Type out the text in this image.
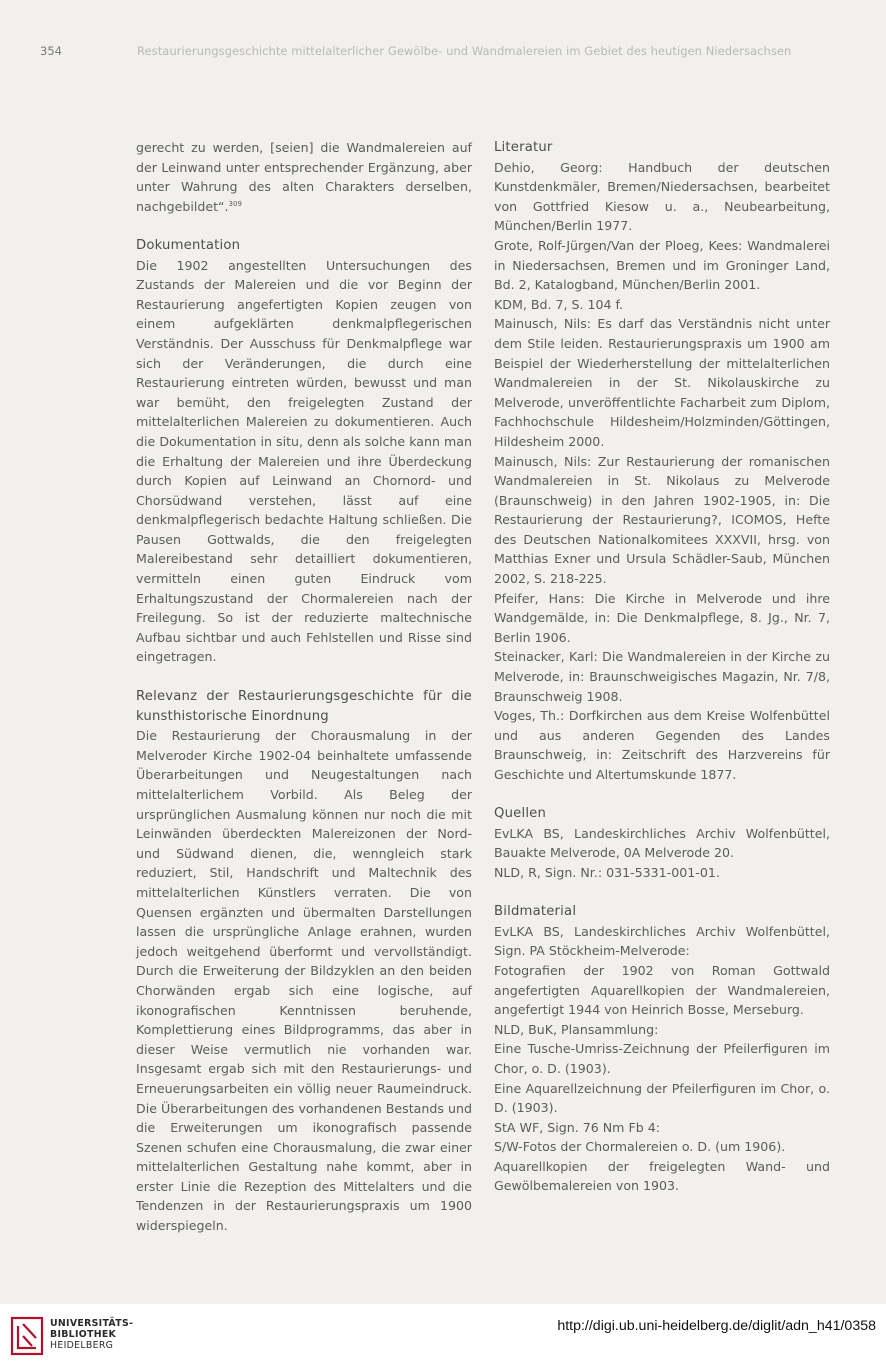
354	Restaurierungsgeschichte mittelalterlicher Gewölbe- und Wandmalereien im Gebiet des heutigen Niedersachsen

gerecht zu werden, [seien] die Wandmalereien auf der Leinwand unter entsprechender Ergänzung, aber unter Wahrung des alten Charakters derselben, nachgebildet“.$^{309}$

Dokumentation

Die 1902 angestellten Untersuchungen des Zustands der Malereien und die vor Beginn der Restaurierung angefertigten Kopien zeugen von einem aufgeklärten denkmalpflegerischen Verständnis. Der Ausschuss für Denkmalpflege war sich der Veränderungen, die durch eine Restaurierung eintreten würden, bewusst und man war bemüht, den freigelegten Zustand der mittelalterlichen Malereien zu dokumentieren. Auch die Dokumentation in situ, denn als solche kann man die Erhaltung der Malereien und ihre Überdeckung durch Kopien auf Leinwand an Chornord- und Chorsüdwand verstehen, lässt auf eine denkmalpflegerisch bedachte Haltung schließen. Die Pausen Gottwalds, die den freigelegten Malereibestand sehr detailliert dokumentieren, vermitteln einen guten Eindruck vom Erhaltungszustand der Chormalereien nach der Freilegung. So ist der reduzierte maltechnische Aufbau sichtbar und auch Fehlstellen und Risse sind eingetragen.

Relevanz der Restaurierungsgeschichte für die kunsthistorische Einordnung

Die Restaurierung der Chorausmalung in der Melveroder Kirche 1902-04 beinhaltete umfassende Überarbeitungen und Neugestaltungen nach mittelalterlichem Vorbild. Als Beleg der ursprünglichen Ausmalung können nur noch die mit Leinwänden überdeckten Malereizonen der Nord- und Südwand dienen, die, wenngleich stark reduziert, Stil, Handschrift und Maltechnik des mittelalterlichen Künstlers verraten. Die von Quensen ergänzten und übermalten Darstellungen lassen die ursprüngliche Anlage erahnen, wurden jedoch weitgehend überformt und vervollständigt. Durch die Erweiterung der Bildzyklen an den beiden Chorwänden ergab sich eine logische, auf ikonografischen Kenntnissen beruhende, Komplettierung eines Bildprogramms, das aber in dieser Weise vermutlich nie vorhanden war. Insgesamt ergab sich mit den Restaurierungs- und Erneuerungsarbeiten ein völlig neuer Raumeindruck. Die Überarbeitungen des vorhandenen Bestands und die Erweiterungen um ikonografisch passende Szenen schufen eine Chorausmalung, die zwar einer mittelalterlichen Gestaltung nahe kommt, aber in erster Linie die Rezeption des Mittelalters und die Tendenzen in der Restaurierungspraxis um 1900 widerspiegeln.

Literatur

Dehio, Georg: Handbuch der deutschen Kunstdenkmäler, Bremen/Niedersachsen, bearbeitet von Gottfried Kiesow u. a., Neubearbeitung, München/Berlin 1977.

Grote, Rolf-Jürgen/Van der Ploeg, Kees: Wandmalerei in Niedersachsen, Bremen und im Groninger Land, Bd. 2, Katalogband, München/Berlin 2001.

KDM, Bd. 7, S. 104 f.

Mainusch, Nils: Es darf das Verständnis nicht unter dem Stile leiden. Restaurierungspraxis um 1900 am Beispiel der Wiederherstellung der mittelalterlichen Wandmalereien in der St. Nikolauskirche zu Melverode, unveröffentlichte Facharbeit zum Diplom, Fachhochschule Hildesheim/Holzminden/Göttingen, Hildesheim 2000.

Mainusch, Nils: Zur Restaurierung der romanischen Wandmalereien in St. Nikolaus zu Melverode (Braunschweig) in den Jahren 1902-1905, in: Die Restaurierung der Restaurierung?, ICOMOS, Hefte des Deutschen Nationalkomitees XXXVII, hrsg. von Matthias Exner und Ursula Schädler-Saub, München 2002, S. 218-225.

Pfeifer, Hans: Die Kirche in Melverode und ihre Wandgemälde, in: Die Denkmalpflege, 8. Jg., Nr. 7, Berlin 1906.

Steinacker, Karl: Die Wandmalereien in der Kirche zu Melverode, in: Braunschweigisches Magazin, Nr. 7/8, Braunschweig 1908.

Voges, Th.: Dorfkirchen aus dem Kreise Wolfenbüttel und aus anderen Gegenden des Landes Braunschweig, in: Zeitschrift des Harzvereins für Geschichte und Altertumskunde 1877.

Quellen

EvLKA BS, Landeskirchliches Archiv Wolfenbüttel, Bauakte Melverode, 0A Melverode 20.

NLD, R, Sign. Nr.: 031-5331-001-01.

Bildmaterial

EvLKA BS, Landeskirchliches Archiv Wolfenbüttel, Sign. PA Stöckheim-Melverode:

Fotografien der 1902 von Roman Gottwald angefertigten Aquarellkopien der Wandmalereien, angefertigt 1944 von Heinrich Bosse, Merseburg.

NLD, BuK, Plansammlung:

Eine Tusche-Umriss-Zeichnung der Pfeilerfiguren im Chor, o. D. (1903).

Eine Aquarellzeichnung der Pfeilerfiguren im Chor, o. D. (1903).

StA WF, Sign. 76 Nm Fb 4:

S/W-Fotos der Chormalereien o. D. (um 1906).

Aquarellkopien der freigelegten Wand- und Gewölbemalereien von 1903.

UNIVERSITÄTS-
BIBLIOTHEK
HEIDELBERG
http://digi.ub.uni-heidelberg.de/diglit/adn_h41/0358
